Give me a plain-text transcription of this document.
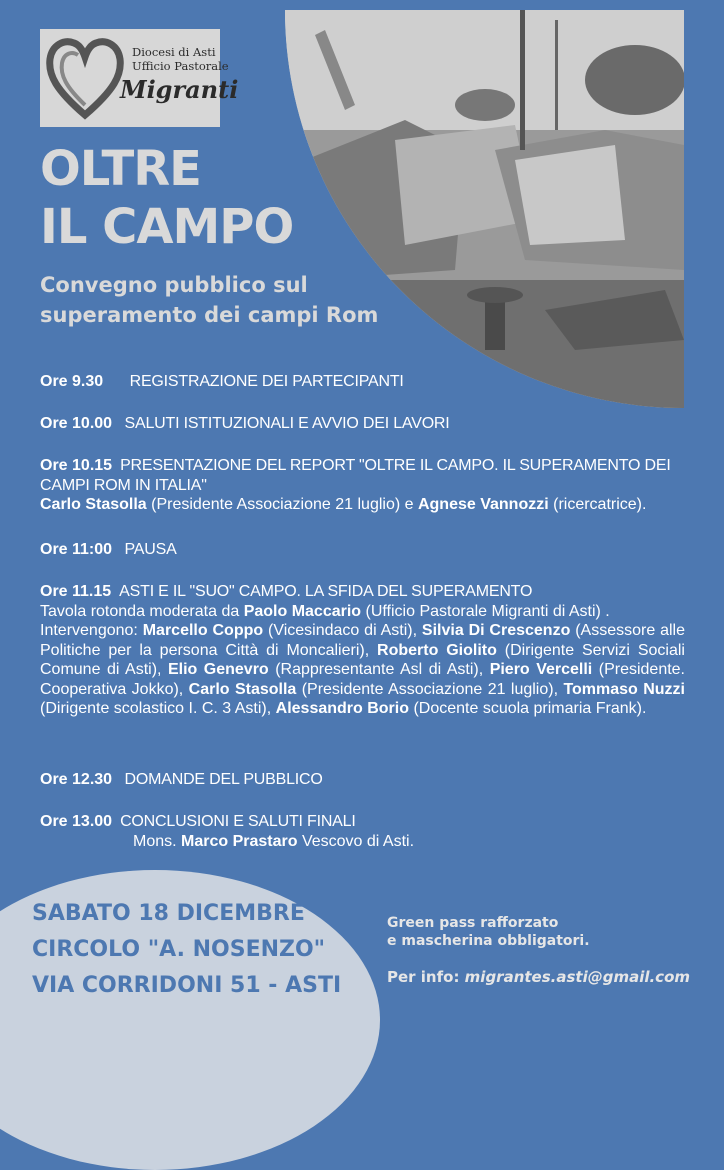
Diocesi di Asti
Ufficio Pastorale
Migranti
OLTRE
IL CAMPO
Convegno pubblico sul
superamento dei campi Rom
Ore 9.30 REGISTRAZIONE DEI PARTECIPANTI
Ore 10.00 SALUTI ISTITUZIONALI E AVVIO DEI LAVORI

Ore 10.15 PRESENTAZIONE DEL REPORT "OLTRE IL CAMPO. IL SUPERAMENTO DEI CAMPI ROM IN ITALIA"

Carlo Stasolla (Presidente Associazione 21 luglio) e Agnese Vannozzi (ricercatrice).

Ore 11:00 PAUSA

Ore 11.15 ASTI E IL "SUO" CAMPO. LA SFIDA DEL SUPERAMENTO

Tavola rotonda moderata da Paolo Maccario (Ufficio Pastorale Migranti di Asti) .
Intervengono: Marcello Coppo (Vicesindaco di Asti), Silvia Di Crescenzo (Assessore alle Politiche per la persona Città di Moncalieri), Roberto Giolito (Dirigente Servizi Sociali Comune di Asti), Elio Genevro (Rappresentante Asl di Asti), Piero Vercelli (Presidente. Cooperativa Jokko), Carlo Stasolla (Presidente Associazione 21 luglio), Tommaso Nuzzi (Dirigente scolastico I. C. 3 Asti), Alessandro Borio (Docente scuola primaria Frank).

Ore 12.30 DOMANDE DEL PUBBLICO

Ore 13.00 CONCLUSIONI E SALUTI FINALI

Mons. Marco Prastaro Vescovo di Asti.

SABATO 18 DICEMBRE
CIRCOLO "A. NOSENZO"
VIA CORRIDONI 51 - ASTI

Green pass rafforzato
e mascherina obbligatori.
Per info: migrantes.asti@gmail.com
